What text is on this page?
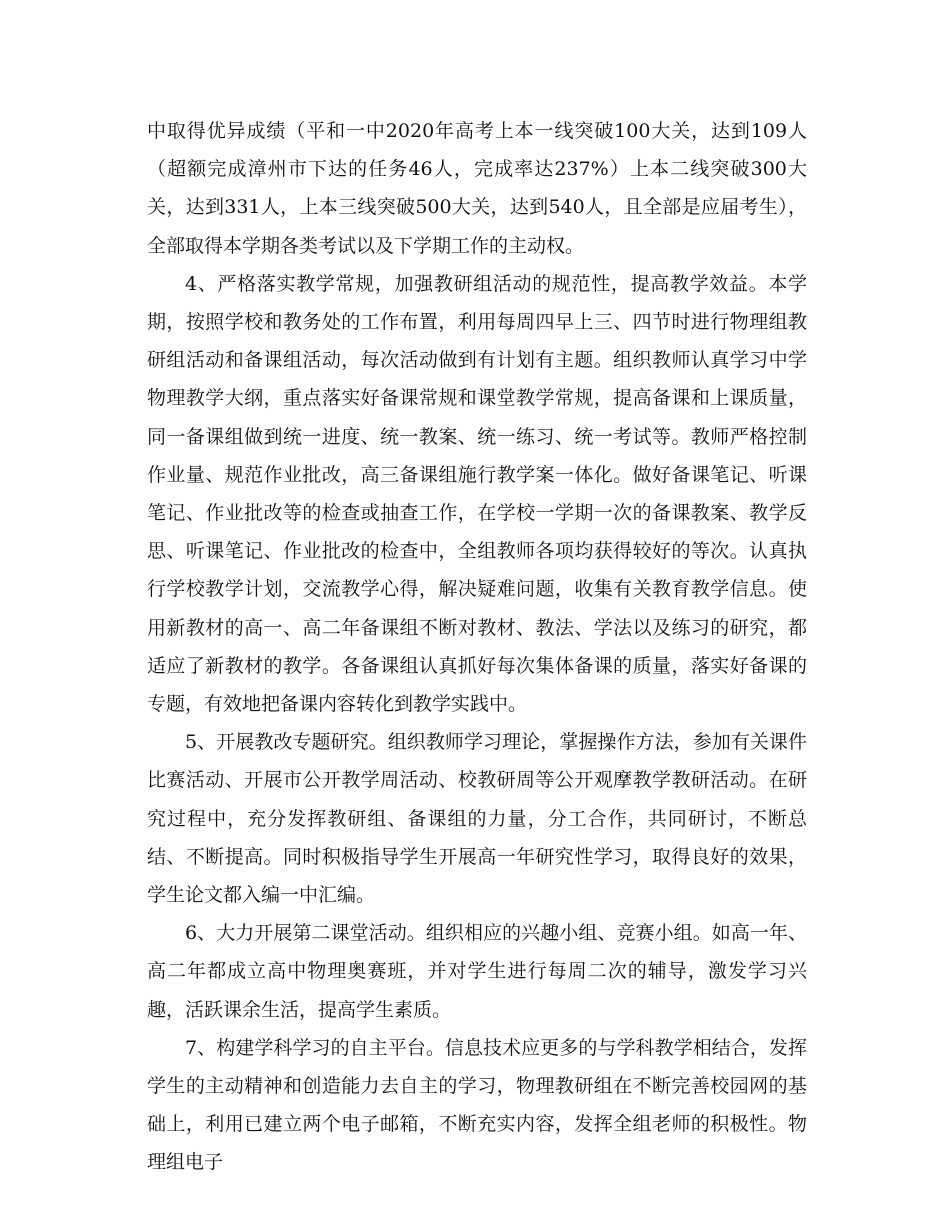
中取得优异成绩（平和一中2020年高考上本一线突破100大关，达到109人（超额完成漳州市下达的任务46人，完成率达237%）上本二线突破300大关，达到331人，上本三线突破500大关，达到540人，且全部是应届考生），全部取得本学期各类考试以及下学期工作的主动权。

4、严格落实教学常规，加强教研组活动的规范性，提高教学效益。本学期，按照学校和教务处的工作布置，利用每周四早上三、四节时进行物理组教研组活动和备课组活动，每次活动做到有计划有主题。组织教师认真学习中学物理教学大纲，重点落实好备课常规和课堂教学常规，提高备课和上课质量，同一备课组做到统一进度、统一教案、统一练习、统一考试等。教师严格控制作业量、规范作业批改，高三备课组施行教学案一体化。做好备课笔记、听课笔记、作业批改等的检查或抽查工作，在学校一学期一次的备课教案、教学反思、听课笔记、作业批改的检查中，全组教师各项均获得较好的等次。认真执行学校教学计划，交流教学心得，解决疑难问题，收集有关教育教学信息。使用新教材的高一、高二年备课组不断对教材、教法、学法以及练习的研究，都适应了新教材的教学。各备课组认真抓好每次集体备课的质量，落实好备课的专题，有效地把备课内容转化到教学实践中。

5、开展教改专题研究。组织教师学习理论，掌握操作方法，参加有关课件比赛活动、开展市公开教学周活动、校教研周等公开观摩教学教研活动。在研究过程中，充分发挥教研组、备课组的力量，分工合作，共同研讨，不断总结、不断提高。同时积极指导学生开展高一年研究性学习，取得良好的效果，学生论文都入编一中汇编。

6、大力开展第二课堂活动。组织相应的兴趣小组、竞赛小组。如高一年、高二年都成立高中物理奥赛班，并对学生进行每周二次的辅导，激发学习兴趣，活跃课余生活，提高学生素质。

7、构建学科学习的自主平台。信息技术应更多的与学科教学相结合，发挥学生的主动精神和创造能力去自主的学习，物理教研组在不断完善校园网的基础上，利用已建立两个电子邮箱，不断充实内容，发挥全组老师的积极性。物理组电子
